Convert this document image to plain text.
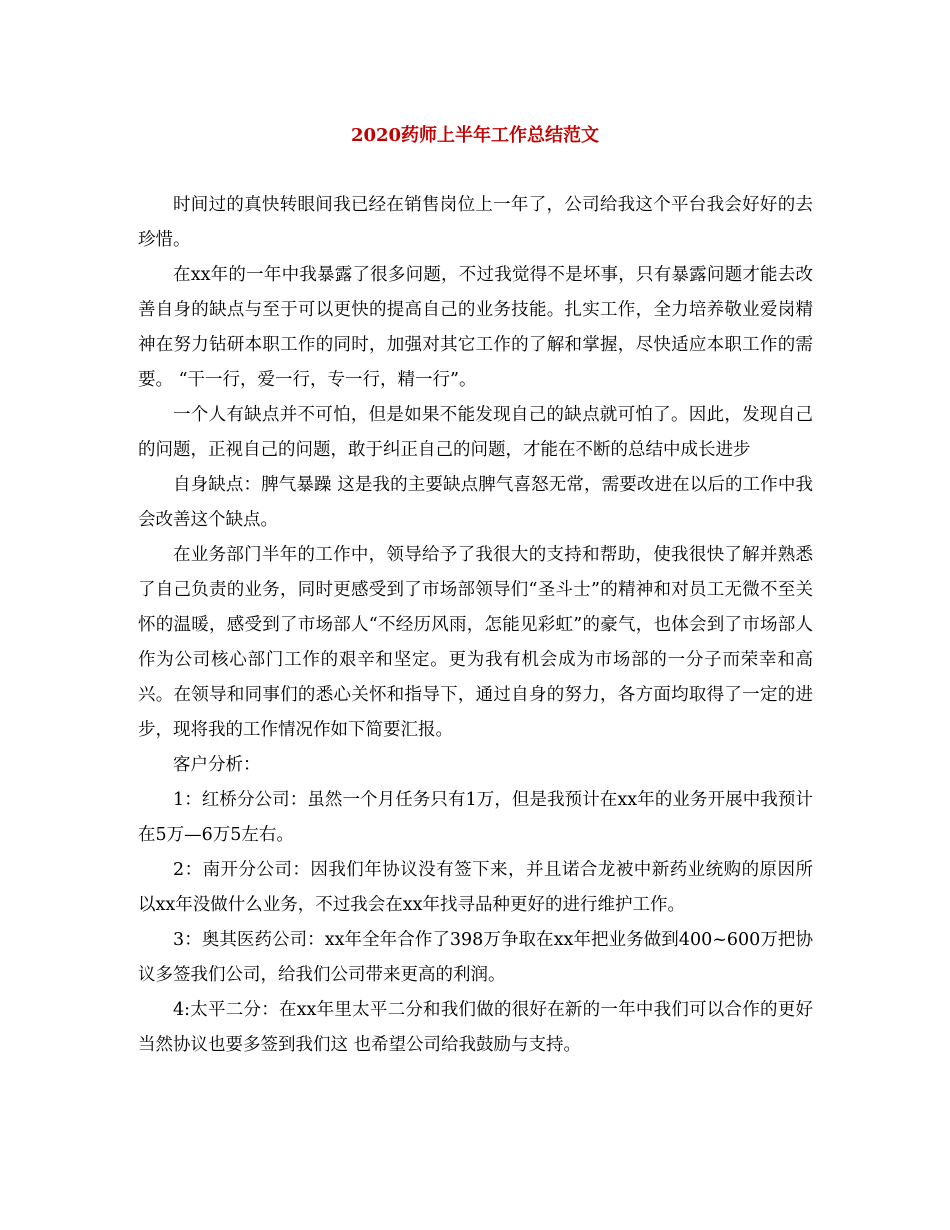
2020药师上半年工作总结范文

时间过的真快转眼间我已经在销售岗位上一年了，公司给我这个平台我会好好的去珍惜。

在xx年的一年中我暴露了很多问题，不过我觉得不是坏事，只有暴露问题才能去改善自身的缺点与至于可以更快的提高自己的业务技能。扎实工作，全力培养敬业爱岗精神在努力钻研本职工作的同时，加强对其它工作的了解和掌握，尽快适应本职工作的需要。 “干一行，爱一行，专一行，精一行”。

一个人有缺点并不可怕，但是如果不能发现自己的缺点就可怕了。因此，发现自己的问题，正视自己的问题，敢于纠正自己的问题，才能在不断的总结中成长进步

自身缺点：脾气暴躁 这是我的主要缺点脾气喜怒无常，需要改进在以后的工作中我会改善这个缺点。

在业务部门半年的工作中，领导给予了我很大的支持和帮助，使我很快了解并熟悉了自己负责的业务，同时更感受到了市场部领导们“圣斗士”的精神和对员工无微不至关怀的温暖，感受到了市场部人“不经历风雨，怎能见彩虹”的豪气，也体会到了市场部人作为公司核心部门工作的艰辛和坚定。更为我有机会成为市场部的一分子而荣幸和高兴。在领导和同事们的悉心关怀和指导下，通过自身的努力，各方面均取得了一定的进步，现将我的工作情况作如下简要汇报。

客户分析：

1：红桥分公司：虽然一个月任务只有1万，但是我预计在xx年的业务开展中我预计在5万—6万5左右。

2：南开分公司：因我们年协议没有签下来，并且诺合龙被中新药业统购的原因所以xx年没做什么业务，不过我会在xx年找寻品种更好的进行维护工作。

3：奥其医药公司：xx年全年合作了398万争取在xx年把业务做到400~600万把协议多签我们公司，给我们公司带来更高的利润。

4:太平二分：在xx年里太平二分和我们做的很好在新的一年中我们可以合作的更好当然协议也要多签到我们这 也希望公司给我鼓励与支持。
